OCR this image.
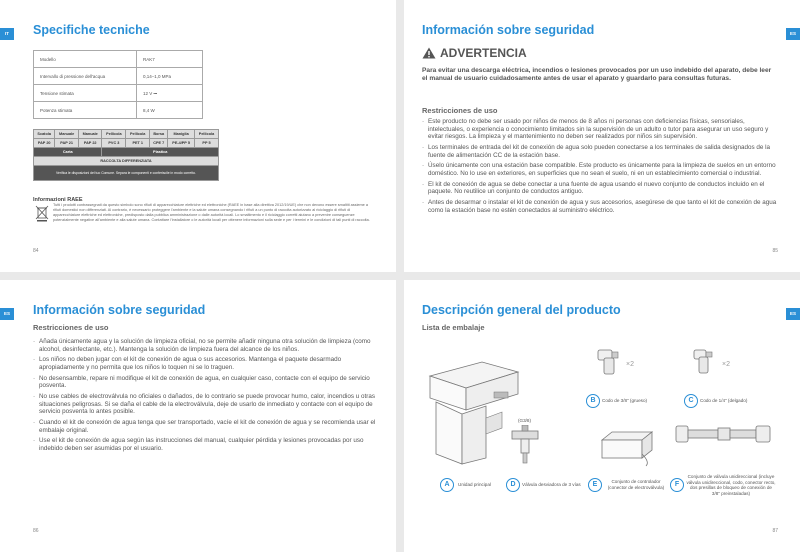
IT	Specifiche tecniche
Modello	RAK7
Intervallo di pressione dell'acqua	0,14–1,0 MPa
Tensione stimata	12 V ⎓
Potenza stimata	8,4 W
Scatola	Manuale	Manuale	Pellicola	Pellicola	Borsa	Maniglia	Pellicola
PAP 20	PAP 21	PAP 22	PVC 3	PET 1	CPE 7	PE-4/PP 5	PP 5
Carta			Plastica				
RACCOLTA DIFFERENZIATA							
Verifica le disposizioni del tuo Comune. Separa le componenti e conferiscile in modo corretto.							
Informazioni RAEE
Tutti i prodotti contrassegnati da questo simbolo sono rifiuti di apparecchiature elettriche ed elettroniche (RAEE in base alla direttiva 2012/19/UE) che non devono essere smaltiti assieme a rifiuti domestici non differenziati. Al contrario, è necessario proteggere l'ambiente e la salute umana consegnando i rifiuti a un punto di raccolta autorizzato al riciclaggio di rifiuti di apparecchiature elettriche ed elettroniche, predisposto dalla pubblica amministrazione o dalle autorità locali. Lo smaltimento e il riciclaggio corretti aiutano a prevenire conseguenze potenzialmente negative all'ambiente e alla salute umana. Contattare l'installatore o le autorità locali per ottenere informazioni sulla sede e per i termini e le condizioni di tali punti di raccolta.
84
ES
Información sobre seguridad
ADVERTENCIA
Para evitar una descarga eléctrica, incendios o lesiones provocados por un uso indebido del aparato, debe leer el manual de usuario cuidadosamente antes de usar el aparato y guardarlo para consultas futuras.
Restricciones de uso
· Este producto no debe ser usado por niños de menos de 8 años ni personas con deficiencias físicas, sensoriales, intelectuales, o experiencia o conocimiento limitados sin la supervisión de un adulto o tutor para asegurar un uso seguro y evitar riesgos. La limpieza y el mantenimiento no deben ser realizados por niños sin supervisión.
· Los terminales de entrada del kit de conexión de agua solo pueden conectarse a los terminales de salida designados de la fuente de alimentación CC de la estación base.
· Úselo únicamente con una estación base compatible. Este producto es únicamente para la limpieza de suelos en un entorno doméstico. No lo use en exteriores, en superficies que no sean el suelo, ni en un establecimiento comercial o industrial.
· El kit de conexión de agua se debe conectar a una fuente de agua usando el nuevo conjunto de conductos incluido en el paquete. No reutilice un conjunto de conductos antiguo.
· Antes de desarmar o instalar el kit de conexión de agua y sus accesorios, asegúrese de que tanto el kit de conexión de agua como la estación base no estén conectados al suministro eléctrico.
85
ES	Información sobre seguridad
Restricciones de uso
· Añada únicamente agua y la solución de limpieza oficial, no se permite añadir ninguna otra solución de limpieza (como alcohol, desinfectante, etc.). Mantenga la solución de limpieza fuera del alcance de los niños.
· Los niños no deben jugar con el kit de conexión de agua o sus accesorios. Mantenga el paquete desarmado apropiadamente y no permita que los niños lo toquen ni se lo traguen.
· No desensamble, repare ni modifique el kit de conexión de agua, en cualquier caso, contacte con el equipo de servicio posventa.
· No use cables de electroválvula no oficiales o dañados, de lo contrario se puede provocar humo, calor, incendios u otras situaciones peligrosas. Si se daña el cable de la electroválvula, deje de usarlo de inmediato y contacte con el equipo de servicio posventa lo antes posible.
· Cuando el kit de conexión de agua tenga que ser transportado, vacíe el kit de conexión de agua y se recomienda usar el embalaje original.
· Use el kit de conexión de agua según las instrucciones del manual, cualquier pérdida y lesiones provocadas por uso indebido deben ser asumidas por el usuario.
86
ES
Descripción general del producto
Lista de embalaje
×2	×2
B	Codo de 3/8" (grueso)	C	Codo de 1/4" (delgado)
(G3/8)
A	Unidad principal	D	Válvula desviadora de 3 vías	E	Conjunto de controlador (conector de electroválvula)	F
Conjunto de válvula unidireccional (incluye válvula unidireccional, codo, conector recto, dos presillas de bloqueo de conexión de 3/8" preinstaladas)
87
